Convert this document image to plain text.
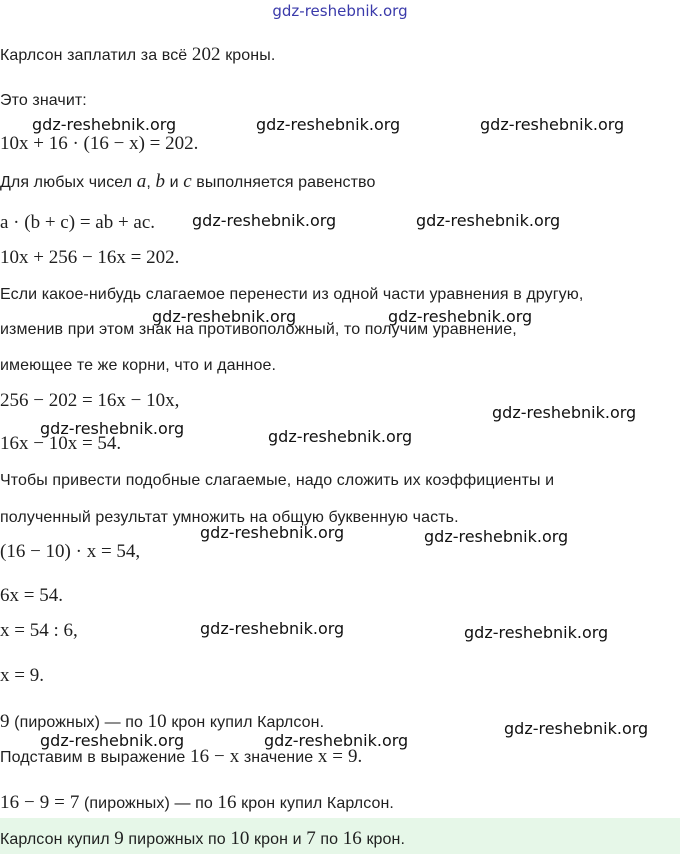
gdz-reshebnik.org
Карлсон заплатил за всё 202 кроны.
Это значит:
10x + 16 · (16 − x) = 202.
Для любых чисел a, b и c выполняется равенство
a · (b + c) = ab + ac.
10x + 256 − 16x = 202.
Если какое-нибудь слагаемое перенести из одной части уравнения в другую,
изменив при этом знак на противоположный, то получим уравнение,
имеющее те же корни, что и данное.
256 − 202 = 16x − 10x,
16x − 10x = 54.
Чтобы привести подобные слагаемые, надо сложить их коэффициенты и
полученный результат умножить на общую буквенную часть.
(16 − 10) · x = 54,
6x = 54.
x = 54 : 6,
x = 9.
9 (пирожных) — по 10 крон купил Карлсон.
Подставим в выражение 16 − x значение x = 9.
16 − 9 = 7 (пирожных) — по 16 крон купил Карлсон.
Карлсон купил 9 пирожных по 10 крон и 7 по 16 крон.
gdz-reshebnik.org	gdz-reshebnik.org	gdz-reshebnik.org
gdz-reshebnik.org	gdz-reshebnik.org
gdz-reshebnik.org	gdz-reshebnik.org
gdz-reshebnik.org
gdz-reshebnik.org	gdz-reshebnik.org
gdz-reshebnik.org	gdz-reshebnik.org
gdz-reshebnik.org	gdz-reshebnik.org
gdz-reshebnik.org
gdz-reshebnik.org	gdz-reshebnik.org
